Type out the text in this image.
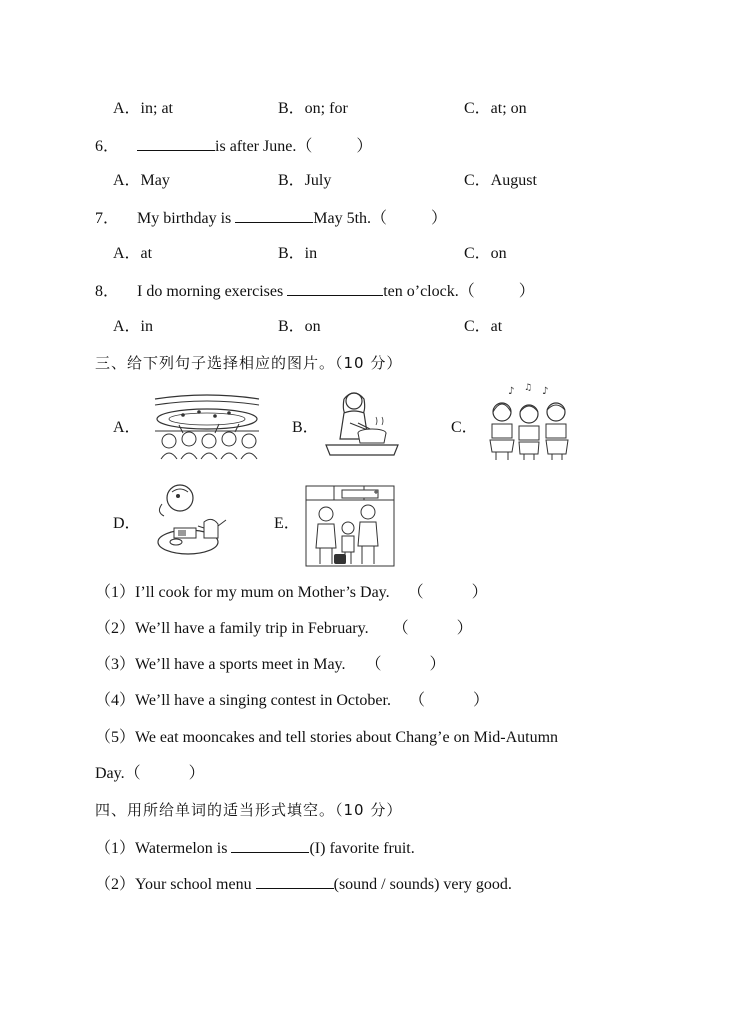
A．in; at	B．on; for	C．at; on
6．	is after June.（	）
A．May	B．July	C．August
7． My birthday is	May 5th.（	）
A．at	B．in	C．on
8． I do morning exercises	ten o’clock.（	）
A．in	B．on	C．at
三、给下列句子选择相应的图片。（10 分）
A．	B．	C．
♪ ♫ ♪
D．	E．
（1）I’ll cook for my mum on Mother’s Day. （　　　）
（2）We’ll have a family trip in February. （　　　）
（3）We’ll have a sports meet in May. （　　　）
（4）We’ll have a singing contest in October. （　　　）
（5）We eat mooncakes and tell stories about Chang’e on Mid-Autumn
Day.（　　　）
四、用所给单词的适当形式填空。（10 分）
（1）Watermelon is	(I) favorite fruit.
（2）Your school menu	(sound / sounds) very good.
